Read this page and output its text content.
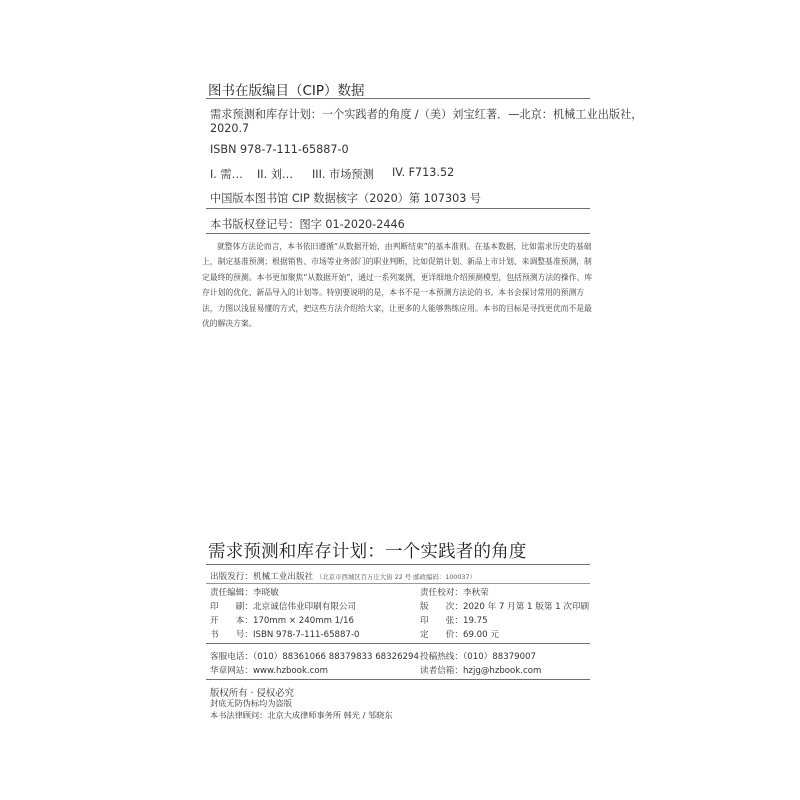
图书在版编目（CIP）数据
需求预测和库存计划：一个实践者的角度 /（美）刘宝红著．—北京：机械工业出版社，
2020.7
ISBN 978-7-111-65887-0
I. 需… II. 刘… III. 市场预测 IV. F713.52
中国版本图书馆 CIP 数据核字（2020）第 107303 号
本书版权登记号：图字 01-2020-2446
就整体方法论而言，本书依旧遵循“从数据开始，由判断结束”的基本准则。在基本数据，比如需求历史的基础上，制定基准预测；根据销售、市场等业务部门的职业判断，比如促销计划、新品上市计划、来调整基准预测，制定最终的预测。本书更加聚焦“从数据开始”，通过一系列案例，更详细地介绍预测模型，包括预测方法的操作、库存计划的优化、新品导入的计划等。特别要说明的是，本书不是一本预测方法论的书。本书会探讨常用的预测方法，力图以浅显易懂的方式，把这些方法介绍给大家，让更多的人能够熟练应用。本书的目标是寻找更优而不是最优的解决方案。
需求预测和库存计划：一个实践者的角度
出版发行：机械工业出版社 （北京市西城区百万庄大街 22 号 邮政编码：100037）
责任编辑：李晓敏	责任校对：李秋荣
印　　刷：北京诚信伟业印刷有限公司	版　　次：2020 年 7 月第 1 版第 1 次印刷
开　　本：170mm × 240mm 1/16	印　　张：19.75
书　　号：ISBN 978-7-111-65887-0	定　　价：69.00 元
客服电话：（010）88361066 88379833 68326294 投稿热线：（010）88379007
华章网站：www.hzbook.com	读者信箱：hzjg@hzbook.com
版权所有 · 侵权必究
封底无防伪标均为盗版
本书法律顾问：北京大成律师事务所 韩光 / 邹晓东
